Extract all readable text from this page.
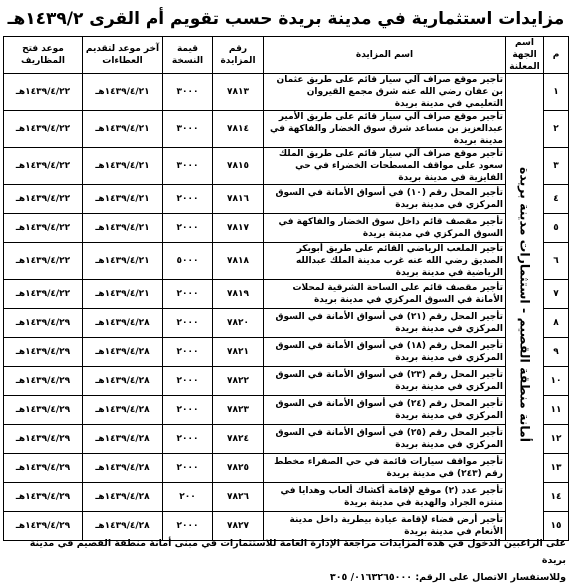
مزايدات استثمارية في مدينة بريدة حسب تقويم أم القرى ١٤٣٩/٢هـ
م	اسم الجهة المعلنة	اسم المزايدة	رقم المزايدة	قيمة النسخة	آخر موعد لتقديم العطاءات	موعد فتح المظاريف
١	أمانة منطقة القصيم - استثمارات مدينة بريدة	تأجير موقع صراف آلي سيار قائم على طريق عثمان بن عفان رضي الله عنه شرق مجمع القيروان التعليمي في مدينة بريدة	٧٨١٣	٣٠٠٠	١٤٣٩/٤/٢١هـ	١٤٣٩/٤/٢٢هـ
٢		تأجير موقع صراف آلي سيار قائم على طريق الأمير عبدالعزيز بن مساعد شرق سوق الخضار والفاكهة في مدينة بريدة	٧٨١٤	٣٠٠٠	١٤٣٩/٤/٢١هـ	١٤٣٩/٤/٢٢هـ
٣		تأجير موقع صراف آلي سيار قائم على طريق الملك سعود على مواقف المسطحات الخضراء في حي الفايزية في مدينة بريدة	٧٨١٥	٣٠٠٠	١٤٣٩/٤/٢١هـ	١٤٣٩/٤/٢٢هـ
٤		تأجير المحل رقم (١٠) في أسواق الأمانة في السوق المركزي في مدينة بريدة	٧٨١٦	٢٠٠٠	١٤٣٩/٤/٢١هـ	١٤٣٩/٤/٢٢هـ
٥		تأجير مقصف قائم داخل سوق الخضار والفاكهة في السوق المركزي في مدينة بريدة	٧٨١٧	٢٠٠٠	١٤٣٩/٤/٢١هـ	١٤٣٩/٤/٢٢هـ
٦		تأجير الملعب الرياضي القائم على طريق أبوبكر الصديق رضي الله عنه غرب مدينة الملك عبدالله الرياضية في مدينة بريدة	٧٨١٨	٥٠٠٠	١٤٣٩/٤/٢١هـ	١٤٣٩/٤/٢٢هـ
٧		تأجير مقصف قائم على الساحة الشرقية لمحلات الأمانة في السوق المركزي في مدينة بريدة	٧٨١٩	٢٠٠٠	١٤٣٩/٤/٢١هـ	١٤٣٩/٤/٢٢هـ
٨		تأجير المحل رقم (٢١) في أسواق الأمانة في السوق المركزي في مدينة بريدة	٧٨٢٠	٢٠٠٠	١٤٣٩/٤/٢٨هـ	١٤٣٩/٤/٢٩هـ
٩		تأجير المحل رقم (١٨) في أسواق الأمانة في السوق المركزي في مدينة بريدة	٧٨٢١	٢٠٠٠	١٤٣٩/٤/٢٨هـ	١٤٣٩/٤/٢٩هـ
١٠		تأجير المحل رقم (٢٣) في أسواق الأمانة في السوق المركزي في مدينة بريدة	٧٨٢٢	٢٠٠٠	١٤٣٩/٤/٢٨هـ	١٤٣٩/٤/٢٩هـ
١١		تأجير المحل رقم (٢٤) في أسواق الأمانة في السوق المركزي في مدينة بريدة	٧٨٢٣	٢٠٠٠	١٤٣٩/٤/٢٨هـ	١٤٣٩/٤/٢٩هـ
١٢		تأجير المحل رقم (٢٥) في أسواق الأمانة في السوق المركزي في مدينة بريدة	٧٨٢٤	٢٠٠٠	١٤٣٩/٤/٢٨هـ	١٤٣٩/٤/٢٩هـ
١٣		تأجير مواقف سيارات قائمة في حي الصفراء مخطط رقم (٢٤٣) في مدينة بريدة	٧٨٢٥	٢٠٠٠	١٤٣٩/٤/٢٨هـ	١٤٣٩/٤/٢٩هـ
١٤		تأجير عدد (٢) موقع لإقامة أكشاك ألعاب وهدايا في منتزه الجراد والهدية في مدينة بريدة	٧٨٢٦	٢٠٠	١٤٣٩/٤/٢٨هـ	١٤٣٩/٤/٢٩هـ
١٥		تأجير أرض فضاء لإقامة عيادة بيطرية داخل مدينة الأنعام في مدينة بريدة	٧٨٢٧	٢٠٠٠	١٤٣٩/٤/٢٨هـ	١٤٣٩/٤/٢٩هـ
على الراغبين الدخول في هذه المزايدات مراجعة الإدارة العامة للاستثمارات في مبنى أمانة منطقة القصيم في مدينة بريدة
وللاستفسار الاتصال على الرقم: ٠١٦٣٢٦٥٠٠٠/ ٣٠٥
